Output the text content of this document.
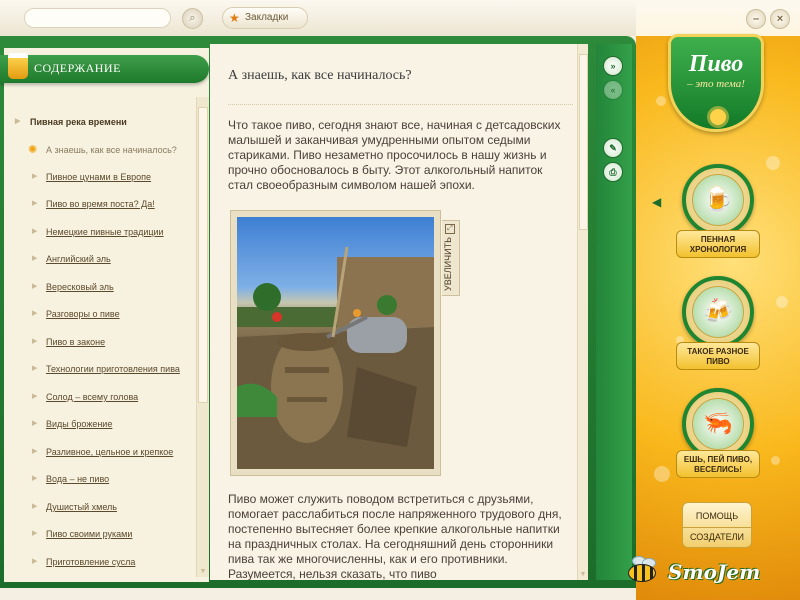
⌕	★ Закладки	–	×
СОДЕРЖАНИЕ
▶ Пивная река времени
✺ А знаешь, как все начиналось?
▶ Пивное цунами в Европе
▶ Пиво во время поста? Да!
▶ Немецкие пивные традиции
▶ Английский эль
▶ Вересковый эль
▶ Разговоры о пиве
▶ Пиво в законе
▶ Технологии приготовления пива
▶ Солод – всему голова
▶ Виды брожение
▶ Разливное, цельное и крепкое
▶ Вода – не пиво
▶ Душистый хмель
▶ Пиво своими руками
▶ Приготовление сусла
▼
А знаешь, как все начиналось?
Что такое пиво, сегодня знают все, начиная с детсадовских малышей и заканчивая умудренными опытом седыми стариками. Пиво незаметно просочилось в нашу жизнь и прочно обосновалось в быту. Этот алкогольный напиток стал своеобразным символом нашей эпохи.
⤢
УВЕЛИЧИТЬ
Пиво может служить поводом встретиться с друзьями, помогает расслабиться после напряженного трудового дня, постепенно вытесняет более крепкие алкогольные напитки на праздничных столах. На сегодняшний день сторонники пива так же многочисленны, как и его противники. Разумеется, нельзя сказать, что пиво	▼
»
«
✎
⎙
Пиво
– это тема!
◀	🍺
ПЕННАЯ
ХРОНОЛОГИЯ
🍻
ТАКОЕ РАЗНОЕ
ПИВО
🦐
ЕШЬ, ПЕЙ ПИВО,
ВЕСЕЛИСЬ!
ПОМОЩЬ
СОЗДАТЕЛИ
SmoJem
